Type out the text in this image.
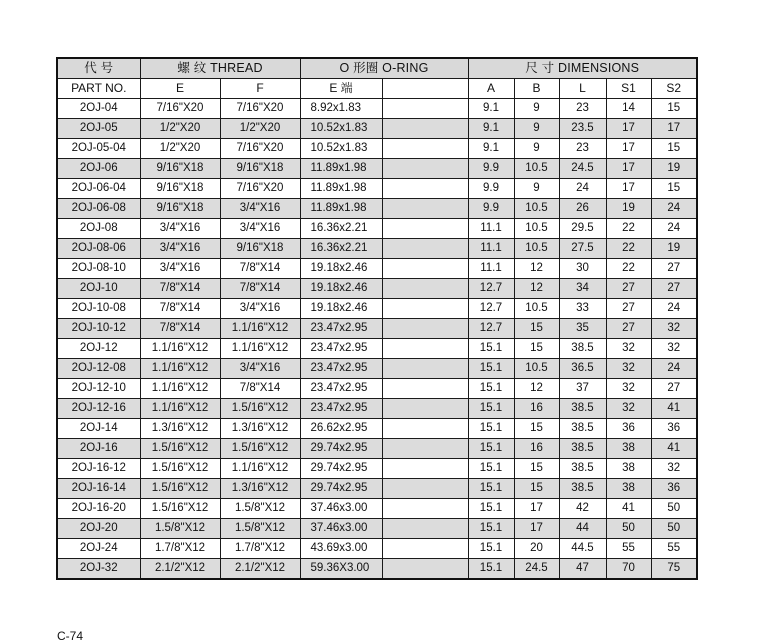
代 号	螺 纹 THREAD		O 形圈 O-RING		尺 寸 DIMENSIONS				
PART NO.	E	F	E 端		A	B	L	S1	S2
2OJ-04	7/16"X20	7/16"X20	8.92x1.83		9.1	9	23	14	15
2OJ-05	1/2"X20	1/2"X20	10.52x1.83		9.1	9	23.5	17	17
2OJ-05-04	1/2"X20	7/16"X20	10.52x1.83		9.1	9	23	17	15
2OJ-06	9/16"X18	9/16"X18	11.89x1.98		9.9	10.5	24.5	17	19
2OJ-06-04	9/16"X18	7/16"X20	11.89x1.98		9.9	9	24	17	15
2OJ-06-08	9/16"X18	3/4"X16	11.89x1.98		9.9	10.5	26	19	24
2OJ-08	3/4"X16	3/4"X16	16.36x2.21		11.1	10.5	29.5	22	24
2OJ-08-06	3/4"X16	9/16"X18	16.36x2.21		11.1	10.5	27.5	22	19
2OJ-08-10	3/4"X16	7/8"X14	19.18x2.46		11.1	12	30	22	27
2OJ-10	7/8"X14	7/8"X14	19.18x2.46		12.7	12	34	27	27
2OJ-10-08	7/8"X14	3/4"X16	19.18x2.46		12.7	10.5	33	27	24
2OJ-10-12	7/8"X14	1.1/16"X12	23.47x2.95		12.7	15	35	27	32
2OJ-12	1.1/16"X12	1.1/16"X12	23.47x2.95		15.1	15	38.5	32	32
2OJ-12-08	1.1/16"X12	3/4"X16	23.47x2.95		15.1	10.5	36.5	32	24
2OJ-12-10	1.1/16"X12	7/8"X14	23.47x2.95		15.1	12	37	32	27
2OJ-12-16	1.1/16"X12	1.5/16"X12	23.47x2.95		15.1	16	38.5	32	41
2OJ-14	1.3/16"X12	1.3/16"X12	26.62x2.95		15.1	15	38.5	36	36
2OJ-16	1.5/16"X12	1.5/16"X12	29.74x2.95		15.1	16	38.5	38	41
2OJ-16-12	1.5/16"X12	1.1/16"X12	29.74x2.95		15.1	15	38.5	38	32
2OJ-16-14	1.5/16"X12	1.3/16"X12	29.74x2.95		15.1	15	38.5	38	36
2OJ-16-20	1.5/16"X12	1.5/8"X12	37.46x3.00		15.1	17	42	41	50
2OJ-20	1.5/8"X12	1.5/8"X12	37.46x3.00		15.1	17	44	50	50
2OJ-24	1.7/8"X12	1.7/8"X12	43.69x3.00		15.1	20	44.5	55	55
2OJ-32	2.1/2"X12	2.1/2"X12	59.36X3.00		15.1	24.5	47	70	75
C-74
